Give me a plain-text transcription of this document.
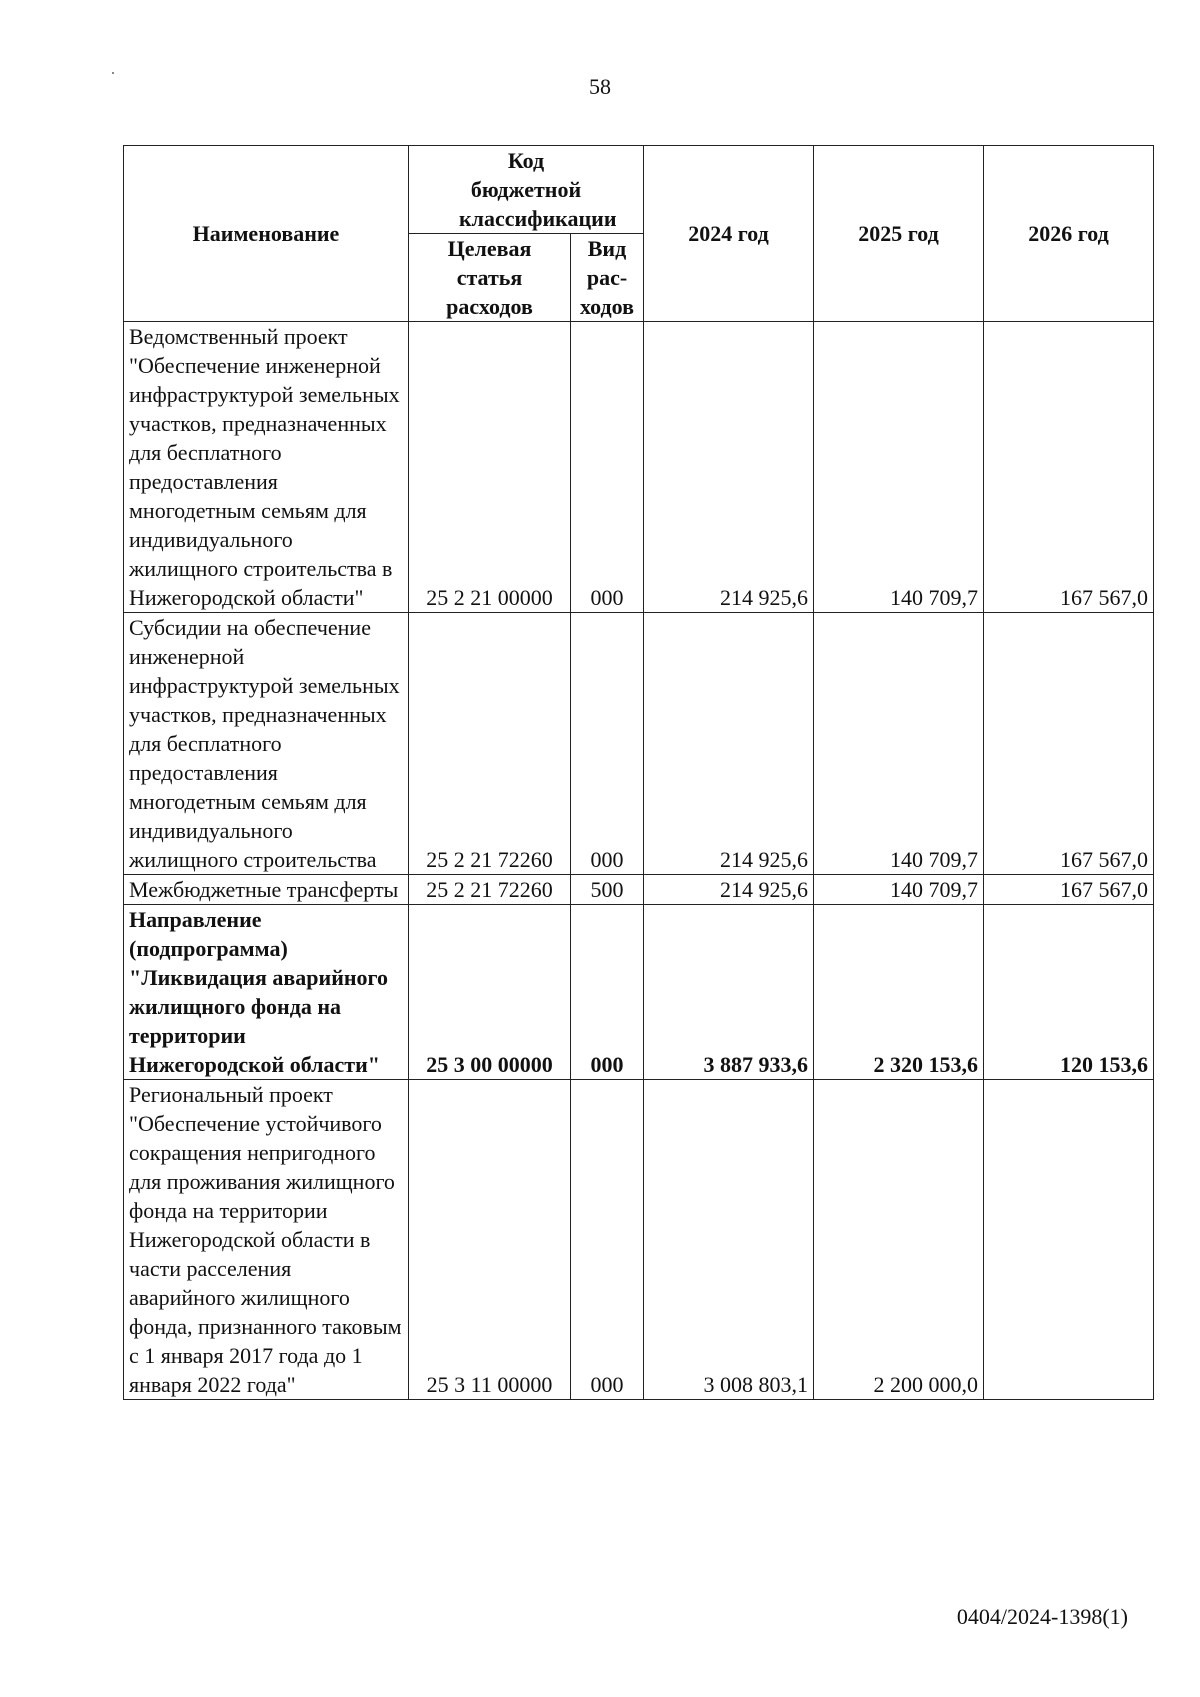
58
Наименование	Код бюджетной классификации		2024 год	2025 год	2026 год
	Целевая статья расходов	Вид рас-ходов			
Ведомственный проект "Обеспечение инженерной инфраструктурой земельных участков, предназначенных для бесплатного предоставления многодетным семьям для индивидуального жилищного строительства в Нижегородской области"	25 2 21 00000	000	214 925,6	140 709,7	167 567,0
Субсидии на обеспечение инженерной инфраструктурой земельных участков, предназначенных для бесплатного предоставления многодетным семьям для индивидуального жилищного строительства	25 2 21 72260	000	214 925,6	140 709,7	167 567,0
Межбюджетные трансферты	25 2 21 72260	500	214 925,6	140 709,7	167 567,0
Направление (подпрограмма) "Ликвидация аварийного жилищного фонда на территории Нижегородской области"	25 3 00 00000	000	3 887 933,6	2 320 153,6	120 153,6
Региональный проект "Обеспечение устойчивого сокращения непригодного для проживания жилищного фонда на территории Нижегородской области в части расселения аварийного жилищного фонда, признанного таковым с 1 января 2017 года до 1 января 2022 года"	25 3 11 00000	000	3 008 803,1	2 200 000,0	
0404/2024-1398(1)
